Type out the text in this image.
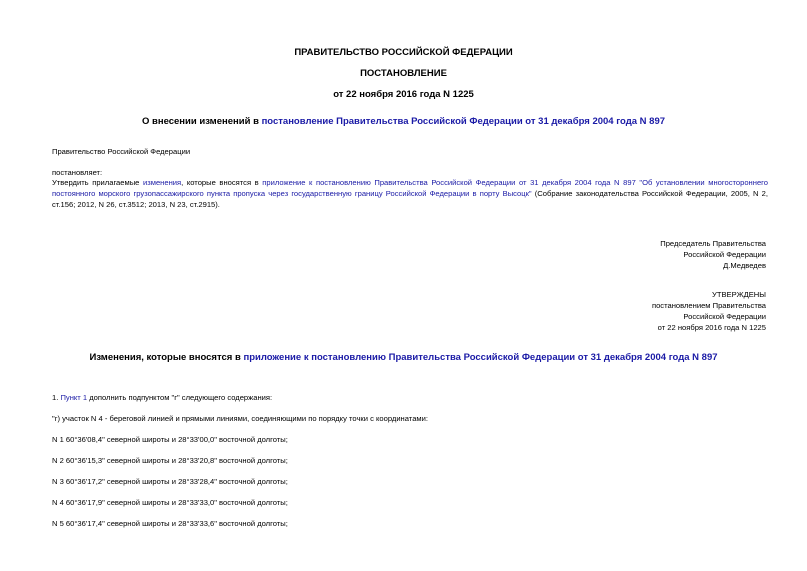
ПРАВИТЕЛЬСТВО РОССИЙСКОЙ ФЕДЕРАЦИИ
ПОСТАНОВЛЕНИЕ
от 22 ноября 2016 года N 1225
О внесении изменений в постановление Правительства Российской Федерации от 31 декабря 2004 года N 897
Правительство Российской Федерации
постановляет:
Утвердить прилагаемые изменения, которые вносятся в приложение к постановлению Правительства Российской Федерации от 31 декабря 2004 года N 897 "Об установлении многостороннего постоянного морского грузопассажирского пункта пропуска через государственную границу Российской Федерации в порту Высоцк" (Собрание законодательства Российской Федерации, 2005, N 2, ст.156; 2012, N 26, ст.3512; 2013, N 23, ст.2915).
Председатель Правительства
Российской Федерации
Д.Медведев
УТВЕРЖДЕНЫ
постановлением Правительства
Российской Федерации
от 22 ноября 2016 года N 1225
Изменения, которые вносятся в приложение к постановлению Правительства Российской Федерации от 31 декабря 2004 года N 897
1. Пункт 1 дополнить подпунктом "г" следующего содержания:
"г) участок N 4 - береговой линией и прямыми линиями, соединяющими по порядку точки с координатами:
N 1 60°36'08,4" северной широты и 28°33'00,0" восточной долготы;
N 2 60°36'15,3" северной широты и 28°33'20,8" восточной долготы;
N 3 60°36'17,2" северной широты и 28°33'28,4" восточной долготы;
N 4 60°36'17,9" северной широты и 28°33'33,0" восточной долготы;
N 5 60°36'17,4" северной широты и 28°33'33,6" восточной долготы;
